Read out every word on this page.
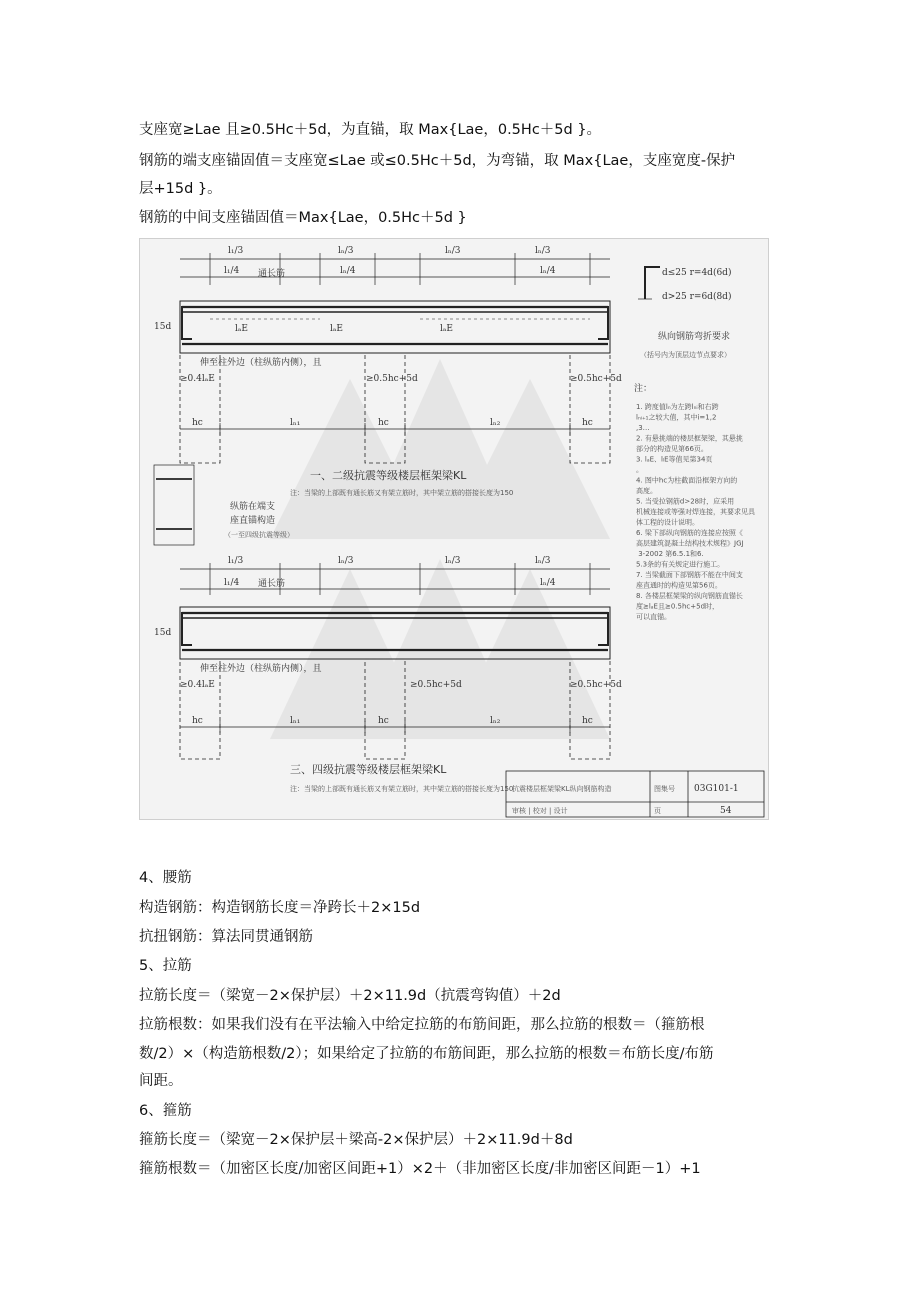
支座宽≥Lae 且≥0.5Hc＋5d，为直锚，取 Max{Lae，0.5Hc＋5d }。

钢筋的端支座锚固值＝支座宽≤Lae 或≤0.5Hc＋5d，为弯锚，取 Max{Lae，支座宽度-保护

层+15d }。

钢筋的中间支座锚固值＝Max{Lae，0.5Hc＋5d }

l₁/3
l₁/4
lₙ/3
lₙ/4
lₙ/3	lₙ/3
lₙ/4
通长筋
15d	lₐE	lₐE	lₐE
伸至柱外边（柱纵筋内侧），且
≥0.4lₐE	≥0.5hc+5d	≥0.5hc+5d
hc	lₙ₁	hc	lₙ₂	hc
一、二级抗震等级楼层框架梁KL
注：当梁的上部既有通长筋又有架立筋时，其中架立筋的搭接长度为150
纵筋在端支
座直锚构造
（一至四级抗震等级）
l₁/3
l₁/4
lₙ/3	lₙ/3	lₙ/3
lₙ/4
通长筋
15d
伸至柱外边（柱纵筋内侧），且
≥0.4lₐE	≥0.5hc+5d	≥0.5hc+5d
hc	lₙ₁	hc	lₙ₂	hc
三、四级抗震等级楼层框架梁KL
注：当梁的上部既有通长筋又有架立筋时，其中架立筋的搭接长度为150
d≤25 r=4d(6d)
d>25 r=6d(8d)
纵向钢筋弯折要求
（括号内为顶层边节点要求）
注：
1. 跨度值lₙ为左跨lₙᵢ和右跨 lₙᵢ₊₁之较大值，其中i=1,2 ,3… 2. 有悬挑端的楼层框架梁，其悬挑部分的构造见第66页。 3. lₐE、lₗE等值见第34页。 4. 图中hc为柱截面沿框架方向的高度。 5. 当受拉钢筋d>28时，应采用机械连接或等强对焊连接，其要求见具体工程的设计说明。 6. 梁下部纵向钢筋的连接应按照《高层建筑混凝土结构技术规程》JGJ 3-2002 第6.5.1和6. 5.3条的有关规定进行施工。 7. 当梁截面下部钢筋不能在中间支座直通时的构造见第56页。 8. 各楼层框架梁的纵向钢筋直锚长度≥lₐE且≥0.5hc+5d时，可以直锚。
抗震楼层框架梁KL纵向钢筋构造	图集号 03G101-1
审核 | 校对 | 设计	页	54

4、腰筋

构造钢筋：构造钢筋长度＝净跨长＋2×15d

抗扭钢筋：算法同贯通钢筋

5、拉筋

拉筋长度＝（梁宽－2×保护层）＋2×11.9d（抗震弯钩值）＋2d

拉筋根数：如果我们没有在平法输入中给定拉筋的布筋间距，那么拉筋的根数＝（箍筋根

数/2）×（构造筋根数/2）；如果给定了拉筋的布筋间距，那么拉筋的根数＝布筋长度/布筋

间距。

6、箍筋

箍筋长度＝（梁宽－2×保护层＋梁高-2×保护层）＋2×11.9d＋8d

箍筋根数＝（加密区长度/加密区间距+1）×2＋（非加密区长度/非加密区间距－1）+1
